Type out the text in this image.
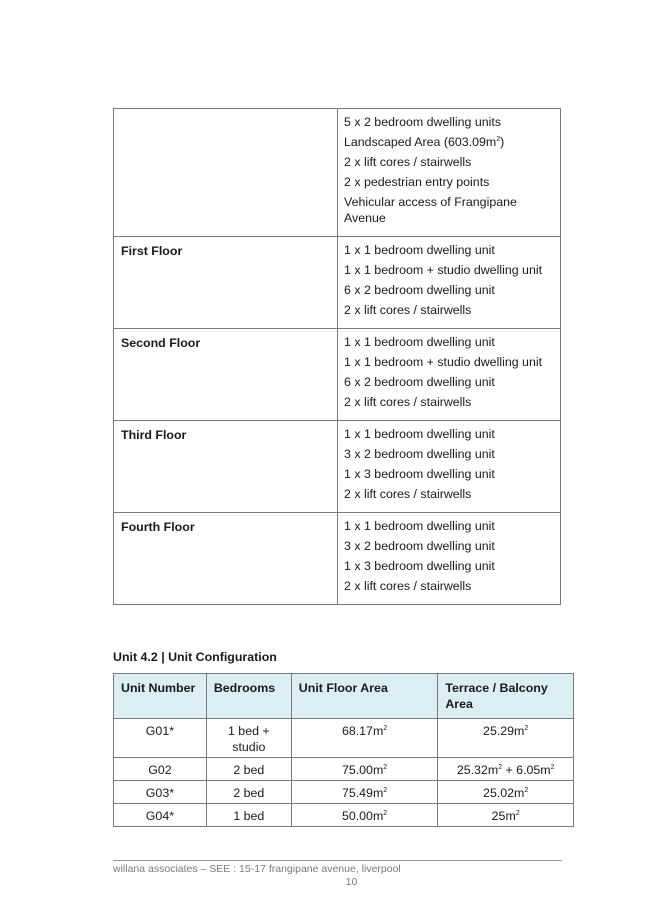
	5 x 2 bedroom dwelling units
Landscaped Area $(603.09m^2)$
2 x lift cores / stairwells
2 x pedestrian entry points
Vehicular access of Frangipane Avenue

First Floor	1 x 1 bedroom dwelling unit
1 x 1 bedroom + studio dwelling unit
6 x 2 bedroom dwelling unit
2 x lift cores / stairwells

Second Floor	1 x 1 bedroom dwelling unit
1 x 1 bedroom + studio dwelling unit
6 x 2 bedroom dwelling unit
2 x lift cores / stairwells

Third Floor	1 x 1 bedroom dwelling unit
3 x 2 bedroom dwelling unit
1 x 3 bedroom dwelling unit
2 x lift cores / stairwells

Fourth Floor	1 x 1 bedroom dwelling unit
3 x 2 bedroom dwelling unit
1 x 3 bedroom dwelling unit
2 x lift cores / stairwells
Unit 4.2 | Unit Configuration
Unit Number	Bedrooms	Unit Floor Area	Terrace / Balcony Area
G01*	1 bed + studio	$68.17m^2$	$25.29m^2$
G02	2 bed	$75.00m^2$	$25.32m^2 + 6.05m^2$
G03*	2 bed	$75.49m^2$	$25.02m^2$
G04*	1 bed	$50.00m^2$	$25m^2$
willana associates – SEE : 15-17 frangipane avenue, liverpool
10
